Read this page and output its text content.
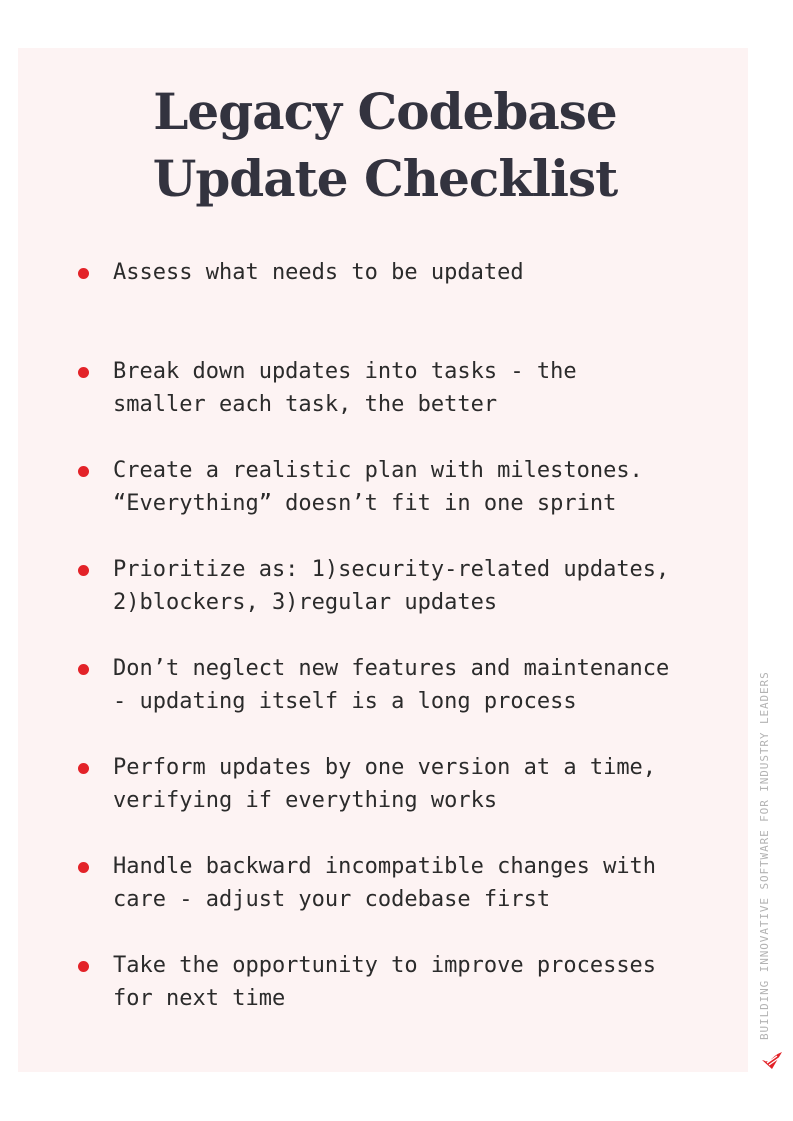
Legacy Codebase
Update Checklist
Assess what needs to be updated
Break down updates into tasks - the
smaller each task, the better
Create a realistic plan with milestones.
“Everything” doesn’t fit in one sprint
Prioritize as: 1)security-related updates,
2)blockers, 3)regular updates
Don’t neglect new features and maintenance
- updating itself is a long process
Perform updates by one version at a time,
verifying if everything works
Handle backward incompatible changes with
care - adjust your codebase first
Take the opportunity to improve processes
for next time	BUILDING INNOVATIVE SOFTWARE FOR INDUSTRY LEADERS
